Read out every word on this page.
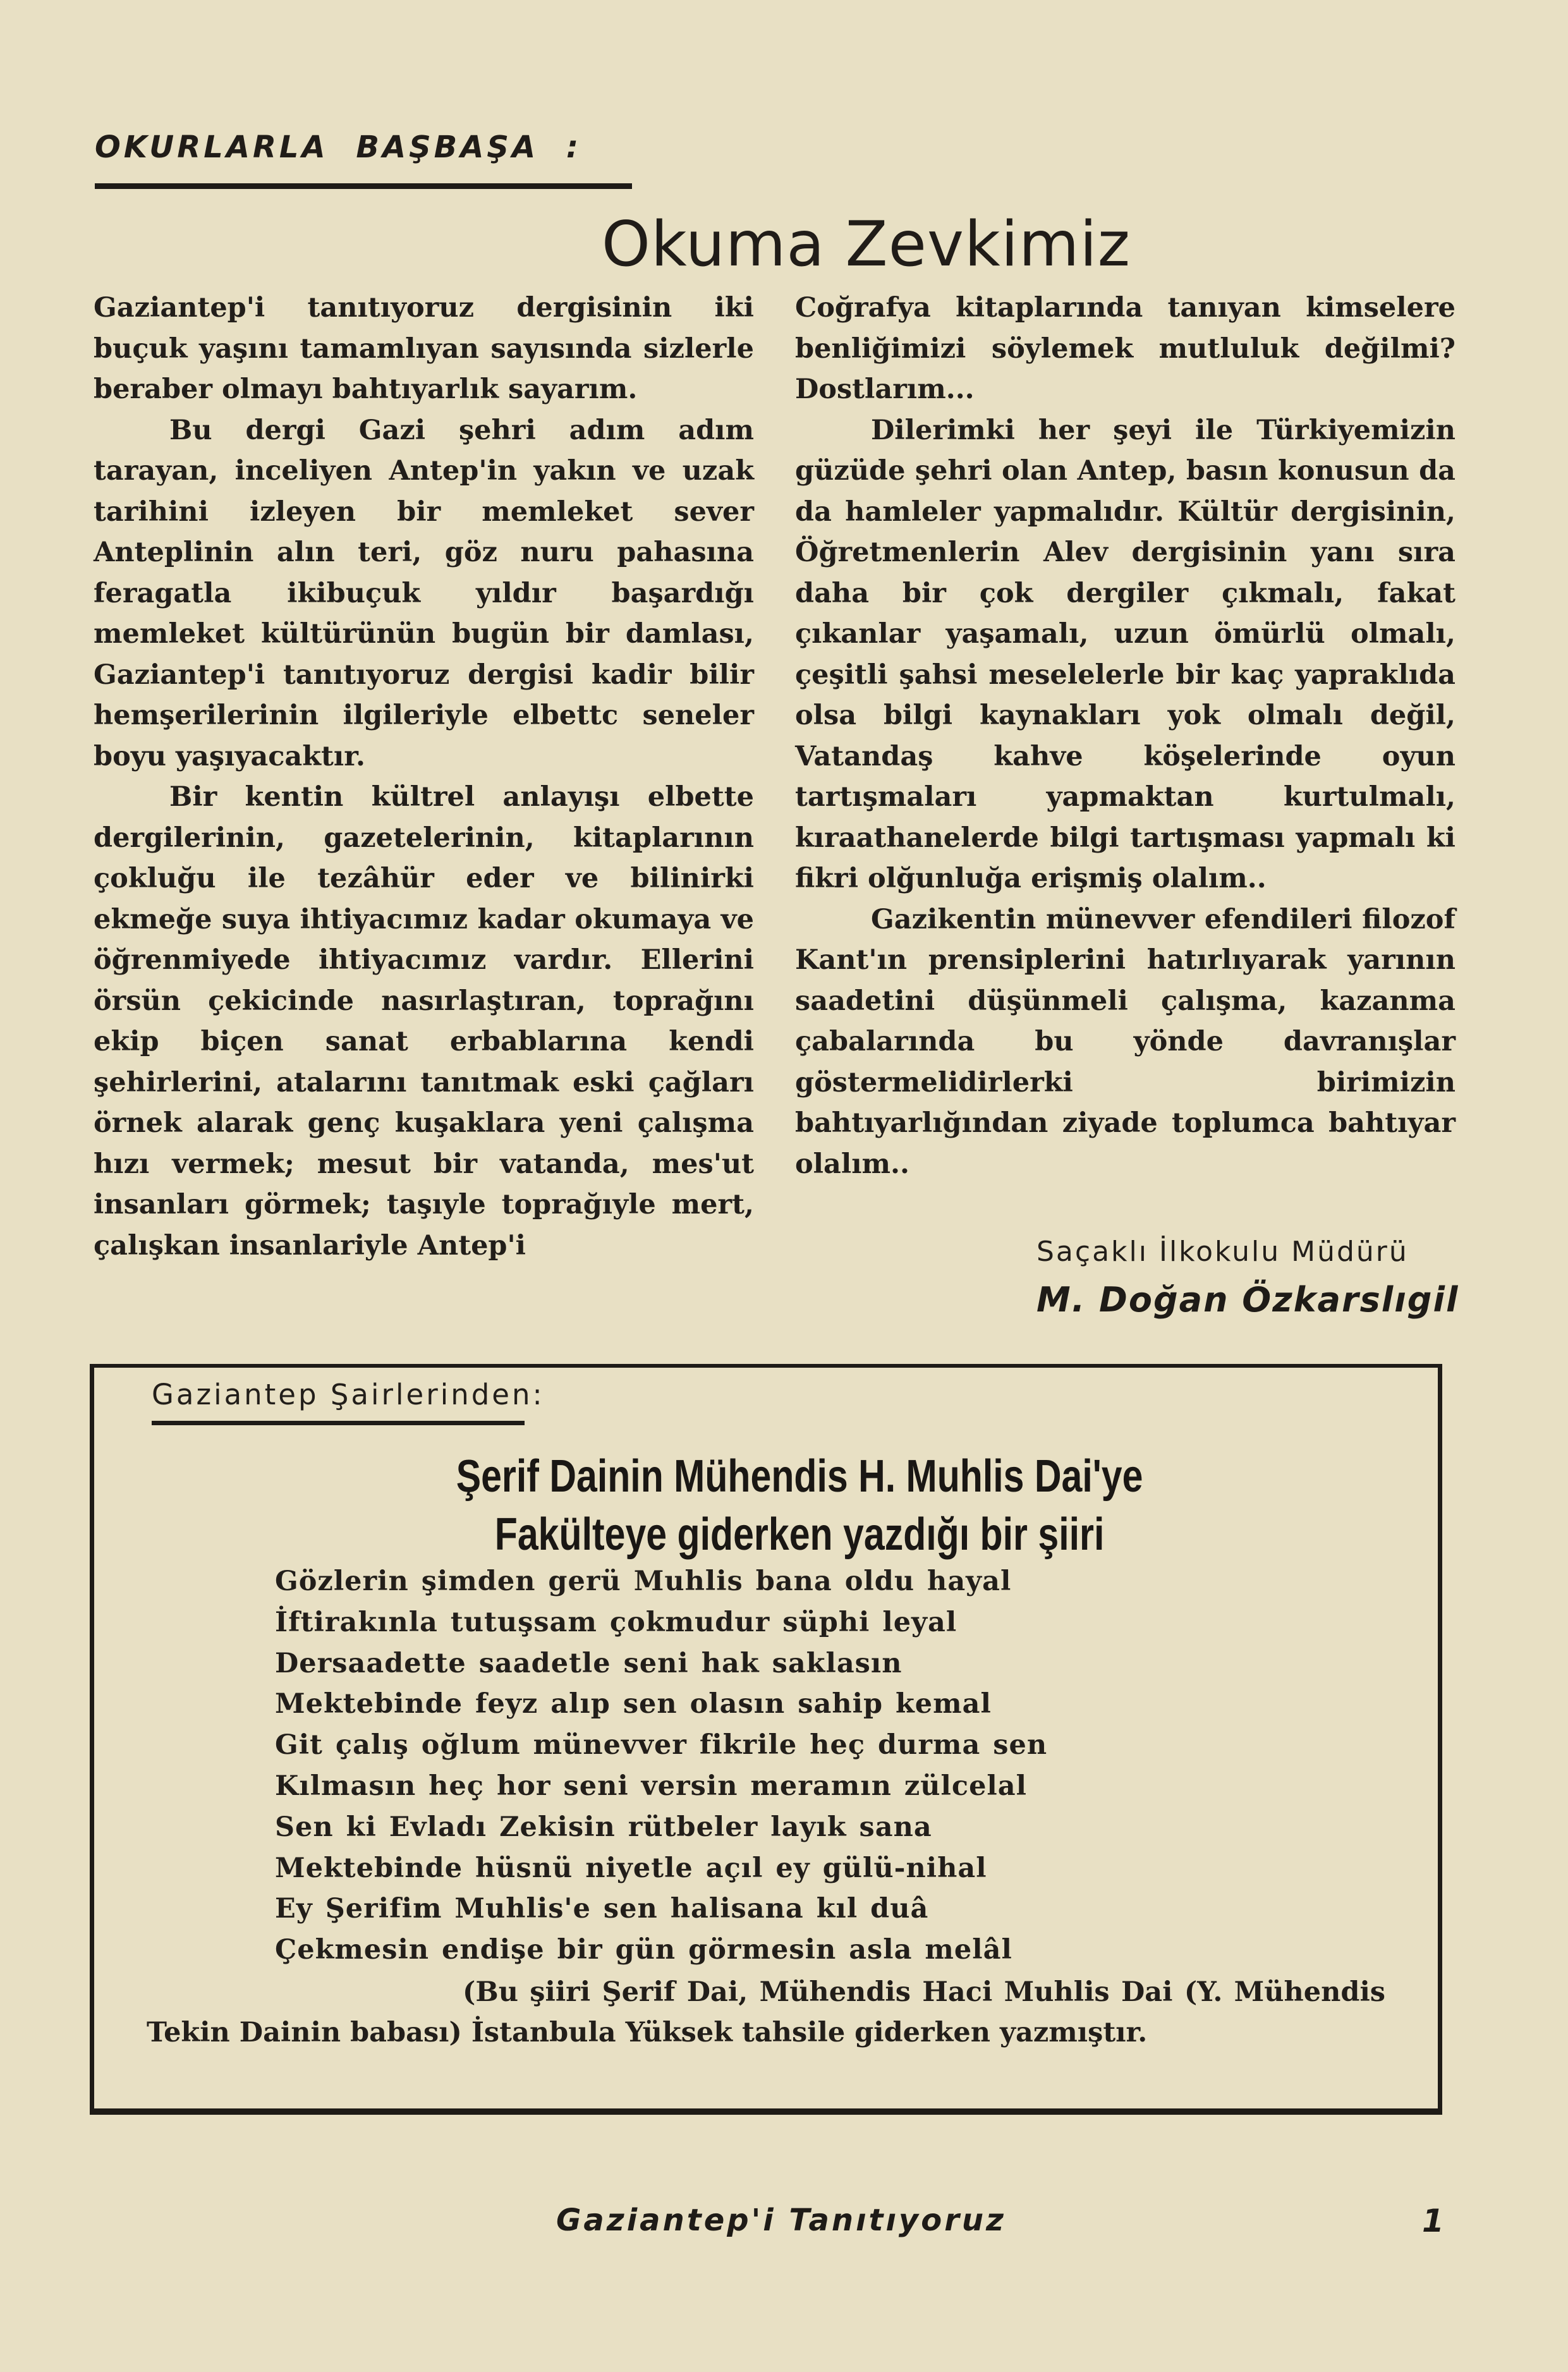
OKURLARLA BAŞBAŞA :
Okuma Zevkimiz

Gaziantep'i tanıtıyoruz dergisinin iki buçuk yaşını tamamlıyan sayısında sizlerle beraber olmayı bahtıyarlık sayarım.

Bu dergi Gazi şehri adım adım tarayan, inceliyen Antep'in yakın ve uzak tarihini izleyen bir memleket sever Anteplinin alın teri, göz nuru pahasına feragatla ikibuçuk yıldır başardığı memleket kültürünün bugün bir damlası, Gaziantep'i tanıtıyoruz dergisi kadir bilir hemşerilerinin ilgileriyle elbettc seneler boyu yaşıyacaktır.

Bir kentin kültrel anlayışı elbette dergilerinin, gazetelerinin, kitaplarının çokluğu ile tezâhür eder ve bilinirki ekmeğe suya ihtiyacımız kadar okumaya ve öğrenmiyede ihtiyacımız vardır. Ellerini örsün çekicinde nasırlaştıran, toprağını ekip biçen sanat erbablarına kendi şehirlerini, atalarını tanıtmak eski çağları örnek alarak genç kuşaklara yeni çalışma hızı vermek; mesut bir vatanda, mes'ut insanları görmek; taşıyle toprağıyle mert, çalışkan insanlariyle Antep'i

Coğrafya kitaplarında tanıyan kimselere benliğimizi söylemek mutluluk değilmi? Dostlarım...

Dilerimki her şeyi ile Türkiyemizin güzüde şehri olan Antep, basın konusun da da hamleler yapmalıdır. Kültür dergisinin, Öğretmenlerin Alev dergisinin yanı sıra daha bir çok dergiler çıkmalı, fakat çıkanlar yaşamalı, uzun ömürlü olmalı, çeşitli şahsi meselelerle bir kaç yapraklıda olsa bilgi kaynakları yok olmalı değil, Vatandaş kahve köşelerinde oyun tartışmaları yapmaktan kurtulmalı, kıraathanelerde bilgi tartışması yapmalı ki fikri olğunluğa erişmiş olalım..

Gazikentin münevver efendileri filozof Kant'ın prensiplerini hatırlıyarak yarının saadetini düşünmeli çalışma, kazanma çabalarında bu yönde davranışlar göstermelidirlerki birimizin bahtıyarlığından ziyade toplumca bahtıyar olalım..

Saçaklı İlkokulu Müdürü
M. Doğan Özkarslıgil
Gaziantep Şairlerinden:
Şerif Dainin Mühendis H. Muhlis Dai'ye
Fakülteye giderken yazdığı bir şiiri
Gözlerin şimden gerü Muhlis bana oldu hayal
İftirakınla tutuşsam çokmudur süphi leyal
Dersaadette saadetle seni hak saklasın
Mektebinde feyz alıp sen olasın sahip kemal
Git çalış oğlum münevver fikrile heç durma sen
Kılmasın heç hor seni versin meramın zülcelal
Sen ki Evladı Zekisin rütbeler layık sana
Mektebinde hüsnü niyetle açıl ey gülü-nihal
Ey Şerifim Muhlis'e sen halisana kıl duâ
Çekmesin endişe bir gün görmesin asla melâl

(Bu şiiri Şerif Dai, Mühendis Haci Muhlis Dai (Y. Mühendis Tekin Dainin babası) İstanbula Yüksek tahsile giderken yazmıştır.

Gaziantep'i Tanıtıyoruz	1
